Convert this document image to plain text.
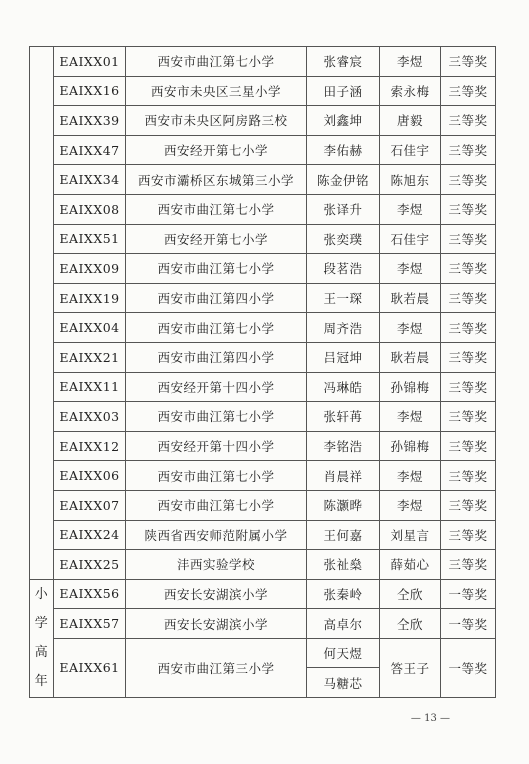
	EAIXX01	西安市曲江第七小学	张睿宸	李煜	三等奖
	EAIXX16	西安市未央区三星小学	田子涵	索永梅	三等奖
	EAIXX39	西安市未央区阿房路三校	刘鑫坤	唐毅	三等奖
	EAIXX47	西安经开第七小学	李佑赫	石佳宇	三等奖
	EAIXX34	西安市灞桥区东城第三小学	陈金伊铭	陈旭东	三等奖
	EAIXX08	西安市曲江第七小学	张译升	李煜	三等奖
	EAIXX51	西安经开第七小学	张奕璞	石佳宇	三等奖
	EAIXX09	西安市曲江第七小学	段茗浩	李煜	三等奖
	EAIXX19	西安市曲江第四小学	王一琛	耿若晨	三等奖
	EAIXX04	西安市曲江第七小学	周齐浩	李煜	三等奖
	EAIXX21	西安市曲江第四小学	吕冠坤	耿若晨	三等奖
	EAIXX11	西安经开第十四小学	冯琳皓	孙锦梅	三等奖
	EAIXX03	西安市曲江第七小学	张轩苒	李煜	三等奖
	EAIXX12	西安经开第十四小学	李铭浩	孙锦梅	三等奖
	EAIXX06	西安市曲江第七小学	肖晨祥	李煜	三等奖
	EAIXX07	西安市曲江第七小学	陈灏晔	李煜	三等奖
	EAIXX24	陕西省西安师范附属小学	王何嘉	刘星言	三等奖
	EAIXX25	沣西实验学校	张祉燊	薛茹心	三等奖

小
学
高
年	EAIXX56	西安长安湖滨小学	张秦岭	仝欣	一等奖
	EAIXX57	西安长安湖滨小学	高卓尔	仝欣	一等奖
	EAIXX61	西安市曲江第三小学	何天煜	答王子	一等奖
			马糖芯		
— 13 —
